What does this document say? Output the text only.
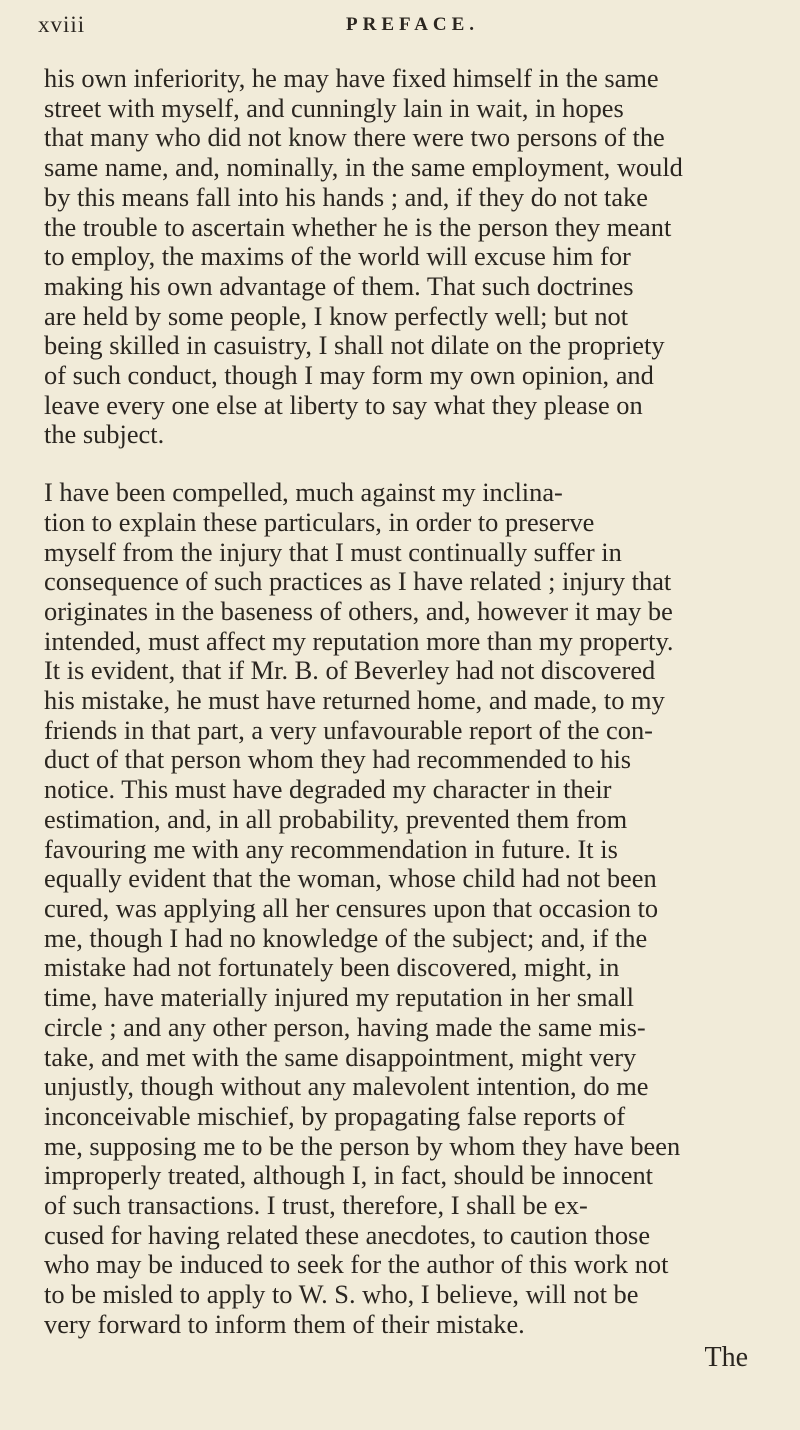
xviii	PREFACE.
his own inferiority, he may have fixed himself in the same
street with myself, and cunningly lain in wait, in hopes
that many who did not know there were two persons of the
same name, and, nominally, in the same employment, would
by this means fall into his hands ; and, if they do not take
the trouble to ascertain whether he is the person they meant
to employ, the maxims of the world will excuse him for
making his own advantage of them. That such doctrines
are held by some people, I know perfectly well; but not
being skilled in casuistry, I shall not dilate on the propriety
of such conduct, though I may form my own opinion, and
leave every one else at liberty to say what they please on
the subject.
I have been compelled, much against my inclina-
tion to explain these particulars, in order to preserve
myself from the injury that I must continually suffer in
consequence of such practices as I have related ; injury that
originates in the baseness of others, and, however it may be
intended, must affect my reputation more than my property.
It is evident, that if Mr. B. of Beverley had not discovered
his mistake, he must have returned home, and made, to my
friends in that part, a very unfavourable report of the con-
duct of that person whom they had recommended to his
notice. This must have degraded my character in their
estimation, and, in all probability, prevented them from
favouring me with any recommendation in future. It is
equally evident that the woman, whose child had not been
cured, was applying all her censures upon that occasion to
me, though I had no knowledge of the subject; and, if the
mistake had not fortunately been discovered, might, in
time, have materially injured my reputation in her small
circle ; and any other person, having made the same mis-
take, and met with the same disappointment, might very
unjustly, though without any malevolent intention, do me
inconceivable mischief, by propagating false reports of
me, supposing me to be the person by whom they have been
improperly treated, although I, in fact, should be innocent
of such transactions. I trust, therefore, I shall be ex-
cused for having related these anecdotes, to caution those
who may be induced to seek for the author of this work not
to be misled to apply to W. S. who, I believe, will not be
very forward to inform them of their mistake.
The
